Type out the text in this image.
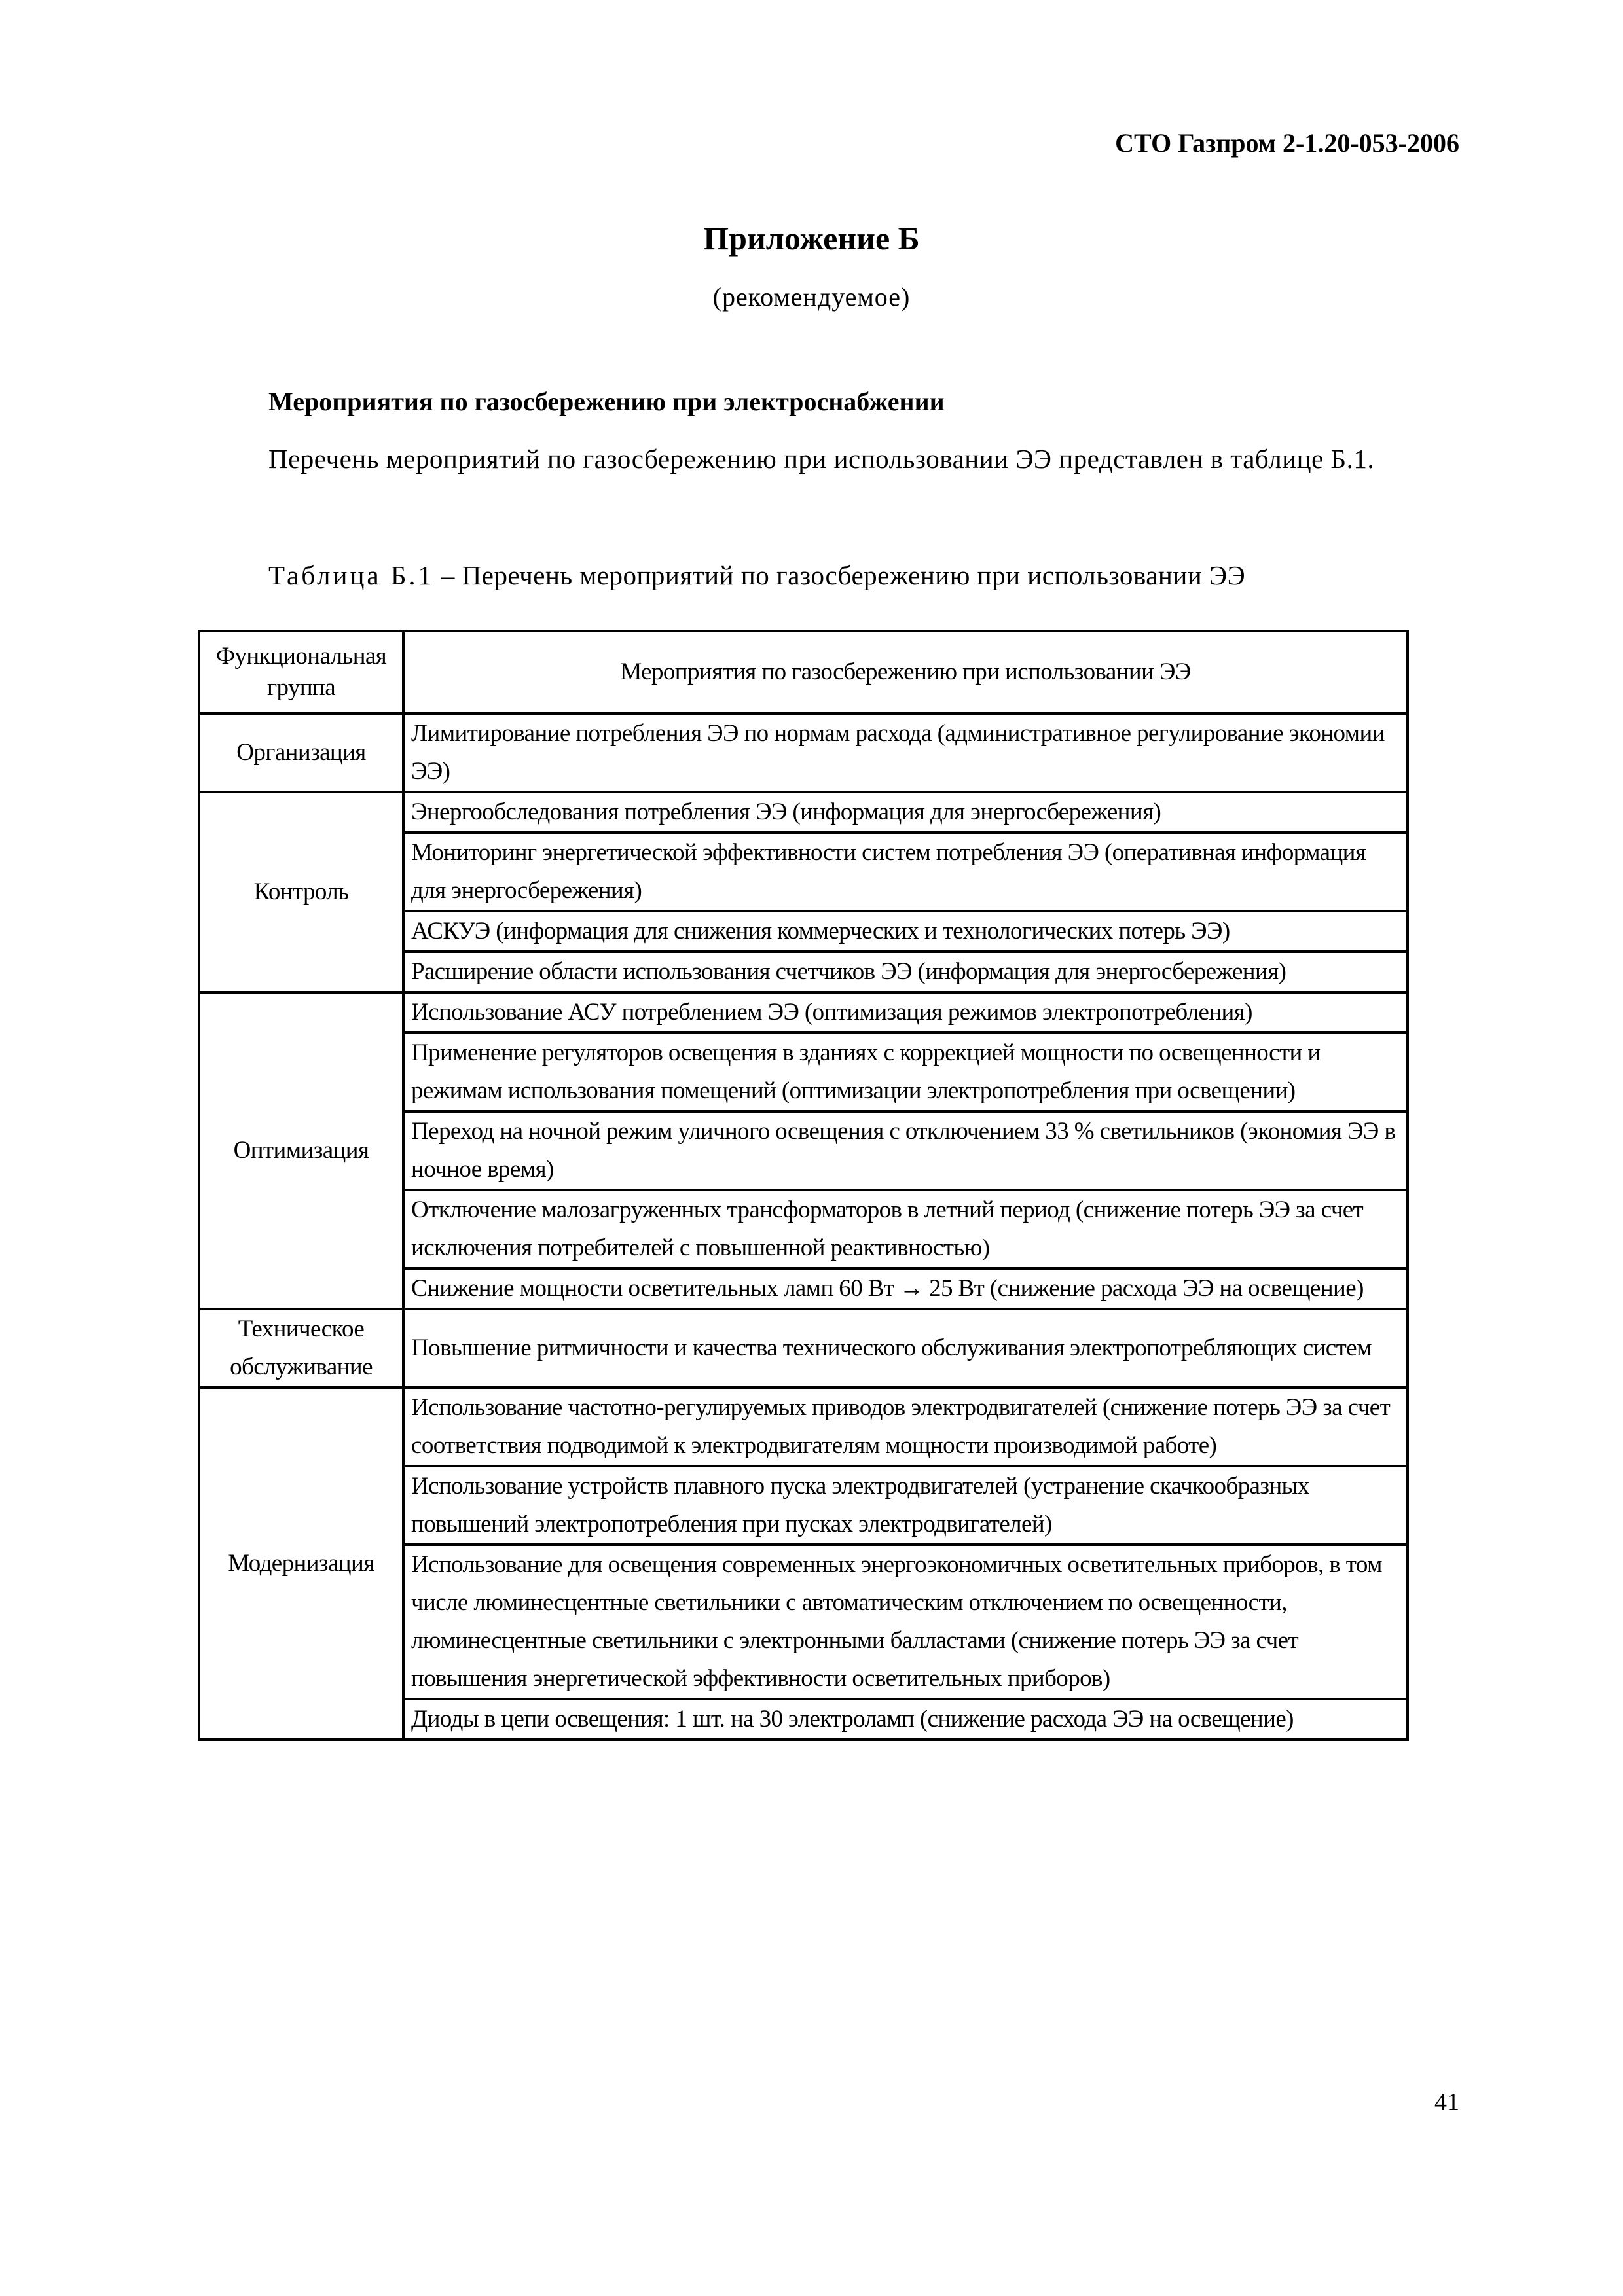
СТО Газпром 2-1.20-053-2006
Приложение Б
(рекомендуемое)
Мероприятия по газосбережению при электроснабжении
Перечень мероприятий по газосбережению при использовании ЭЭ представлен в таблице Б.1.
Таблица Б.1 – Перечень мероприятий по газосбережению при использовании ЭЭ
Функциональная группа	Мероприятия по газосбережению при использовании ЭЭ
Организация	Лимитирование потребления ЭЭ по нормам расхода (административное регулирование экономии ЭЭ)
Контроль	Энергообследования потребления ЭЭ (информация для энергосбережения)
	Мониторинг энергетической эффективности систем потребления ЭЭ (оперативная информация для энергосбережения)
	АСКУЭ (информация для снижения коммерческих и технологических потерь ЭЭ)
	Расширение области использования счетчиков ЭЭ (информация для энергосбережения)
Оптимизация	Использование АСУ потреблением ЭЭ (оптимизация режимов электропотребления)
	Применение регуляторов освещения в зданиях с коррекцией мощности по освещенности и режимам использования помещений (оптимизации электропотребления при освещении)
	Переход на ночной режим уличного освещения с отключением 33 % светильников (экономия ЭЭ в ночное время)
	Отключение малозагруженных трансформаторов в летний период (снижение потерь ЭЭ за счет исключения потребителей с повышенной реактивностью)
	Снижение мощности осветительных ламп 60 Вт → 25 Вт (снижение расхода ЭЭ на освещение)
Техническое обслуживание	Повышение ритмичности и качества технического обслуживания электропотребляющих систем
Модернизация	Использование частотно-регулируемых приводов электродвигателей (снижение потерь ЭЭ за счет соответствия подводимой к электродвигателям мощности производимой работе)
	Использование устройств плавного пуска электродвигателей (устранение скачкообразных повышений электропотребления при пусках электродвигателей)
	Использование для освещения современных энергоэкономичных осветительных приборов, в том числе люминесцентные светильники с автоматическим отключением по освещенности, люминесцентные светильники с электронными балластами (снижение потерь ЭЭ за счет повышения энергетической эффективности осветительных приборов)
	Диоды в цепи освещения: 1 шт. на 30 электроламп (снижение расхода ЭЭ на освещение)
41
